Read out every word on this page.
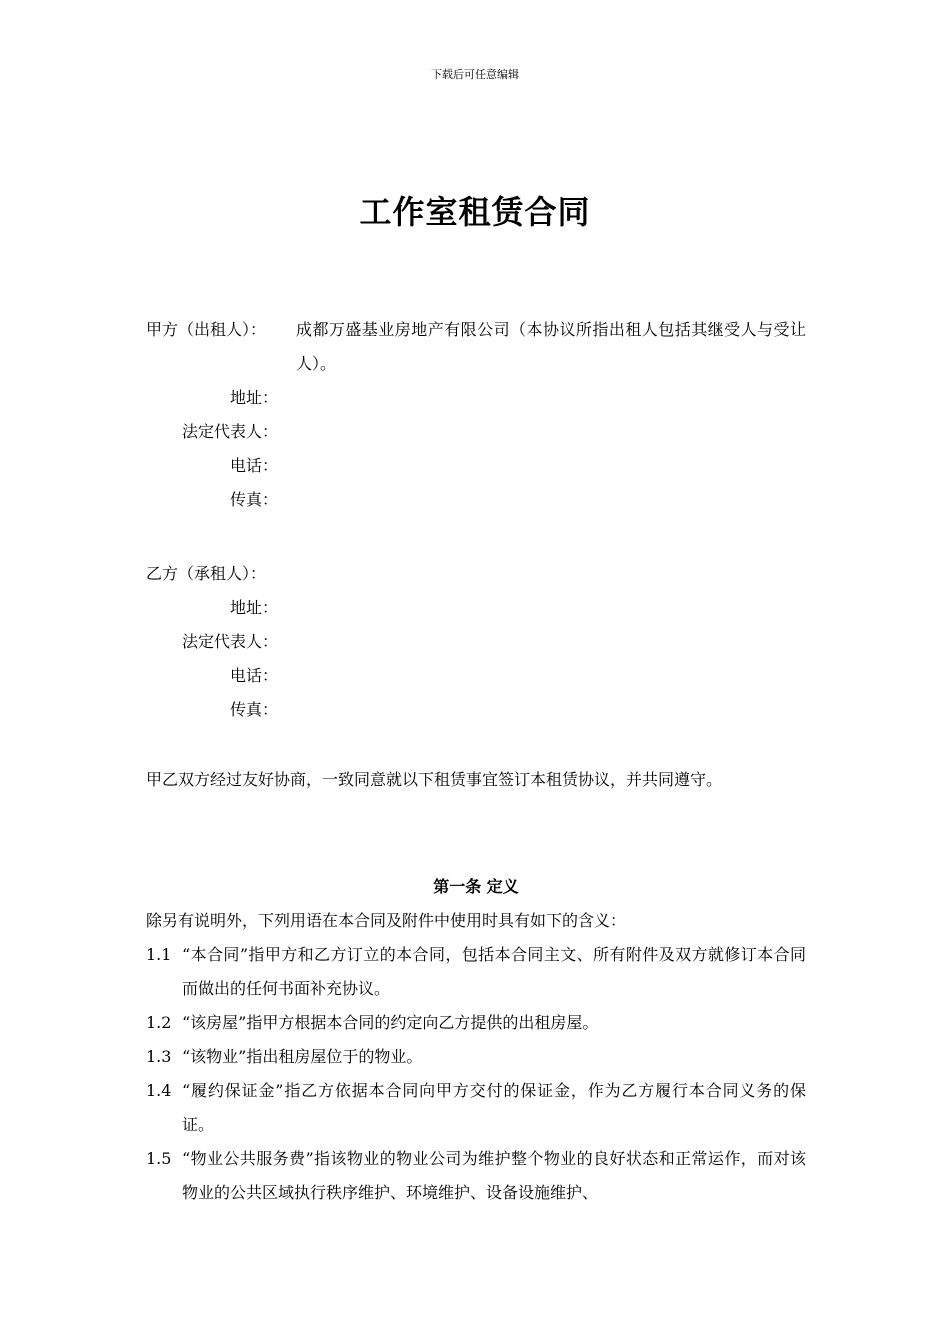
下载后可任意编辑
工作室租赁合同
甲方（出租人）：	成都万盛基业房地产有限公司（本协议所指出租人包括其继受人与受让人）。
地址：
法定代表人：
电话：
传真：
乙方（承租人）：
地址：
法定代表人：
电话：
传真：
甲乙双方经过友好协商，一致同意就以下租赁事宜签订本租赁协议，并共同遵守。
第一条 定义
除另有说明外，下列用语在本合同及附件中使用时具有如下的含义：
1.1 “本合同”指甲方和乙方订立的本合同，包括本合同主文、所有附件及双方就修订本合同而做出的任何书面补充协议。
1.2 “该房屋”指甲方根据本合同的约定向乙方提供的出租房屋。
1.3 “该物业”指出租房屋位于的物业。
1.4 “履约保证金”指乙方依据本合同向甲方交付的保证金，作为乙方履行本合同义务的保证。
1.5 “物业公共服务费”指该物业的物业公司为维护整个物业的良好状态和正常运作，而对该物业的公共区域执行秩序维护、环境维护、设备设施维护、
